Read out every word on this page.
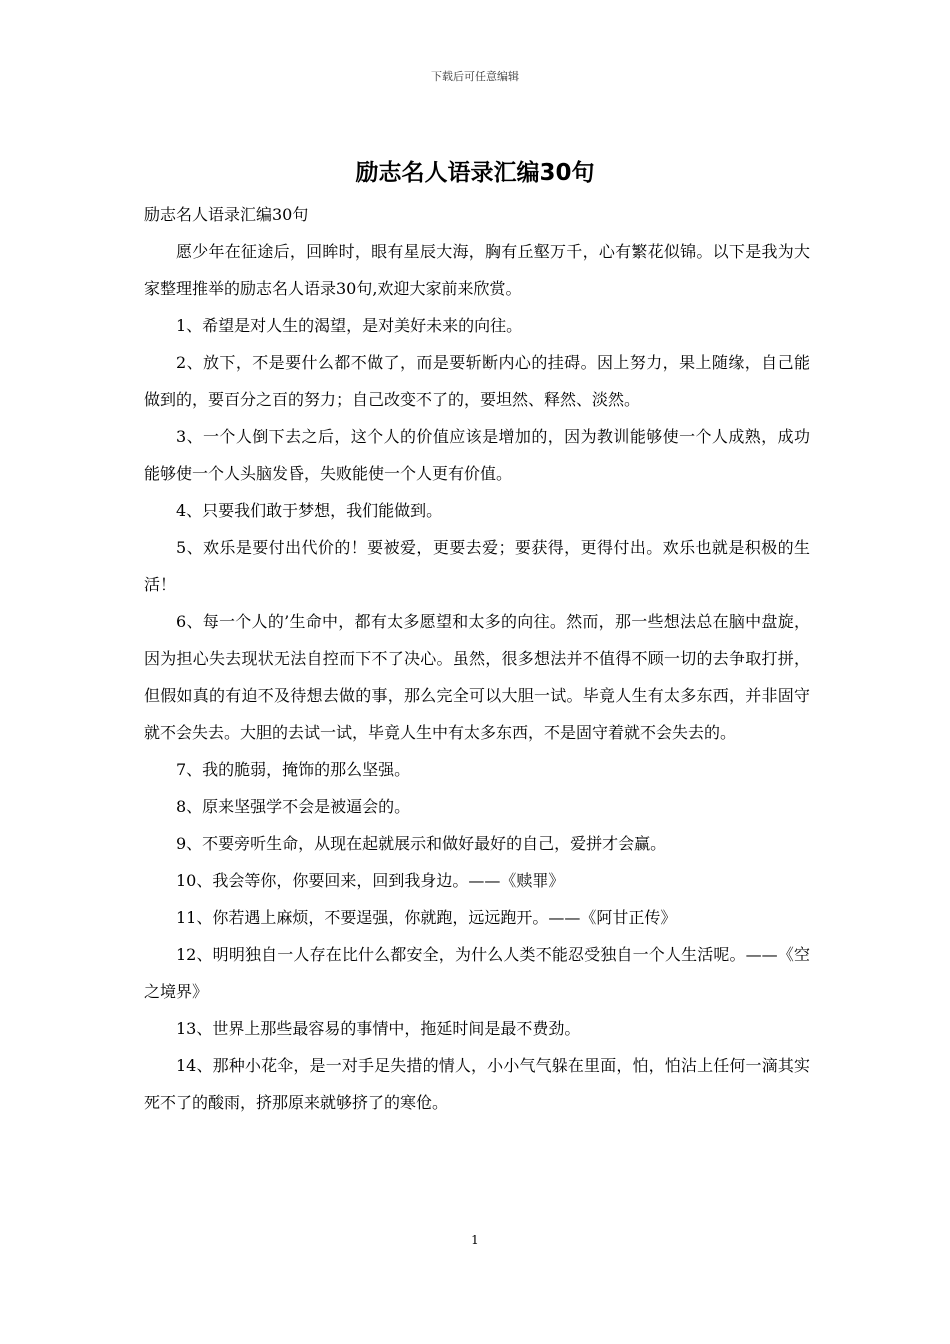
下载后可任意编辑
励志名人语录汇编30句

励志名人语录汇编30句

愿少年在征途后，回眸时，眼有星辰大海，胸有丘壑万千，心有繁花似锦。以下是我为大家整理推举的励志名人语录30句,欢迎大家前来欣赏。

1、希望是对人生的渴望，是对美好未来的向往。

2、放下，不是要什么都不做了，而是要斩断内心的挂碍。因上努力，果上随缘，自己能做到的，要百分之百的努力；自己改变不了的，要坦然、释然、淡然。

3、一个人倒下去之后，这个人的价值应该是增加的，因为教训能够使一个人成熟，成功能够使一个人头脑发昏，失败能使一个人更有价值。

4、只要我们敢于梦想，我们能做到。

5、欢乐是要付出代价的！要被爱，更要去爱；要获得，更得付出。欢乐也就是积极的生活！

6、每一个人的’生命中，都有太多愿望和太多的向往。然而，那一些想法总在脑中盘旋，因为担心失去现状无法自控而下不了决心。虽然，很多想法并不值得不顾一切的去争取打拼，但假如真的有迫不及待想去做的事，那么完全可以大胆一试。毕竟人生有太多东西，并非固守就不会失去。大胆的去试一试，毕竟人生中有太多东西，不是固守着就不会失去的。

7、我的脆弱，掩饰的那么坚强。

8、原来坚强学不会是被逼会的。

9、不要旁听生命，从现在起就展示和做好最好的自己，爱拼才会赢。

10、我会等你，你要回来，回到我身边。——《赎罪》

11、你若遇上麻烦，不要逞强，你就跑，远远跑开。——《阿甘正传》

12、明明独自一人存在比什么都安全，为什么人类不能忍受独自一个人生活呢。——《空之境界》

13、世界上那些最容易的事情中，拖延时间是最不费劲。

14、那种小花伞，是一对手足失措的情人，小小气气躲在里面，怕，怕沾上任何一滴其实死不了的酸雨，挤那原来就够挤了的寒伧。

1
